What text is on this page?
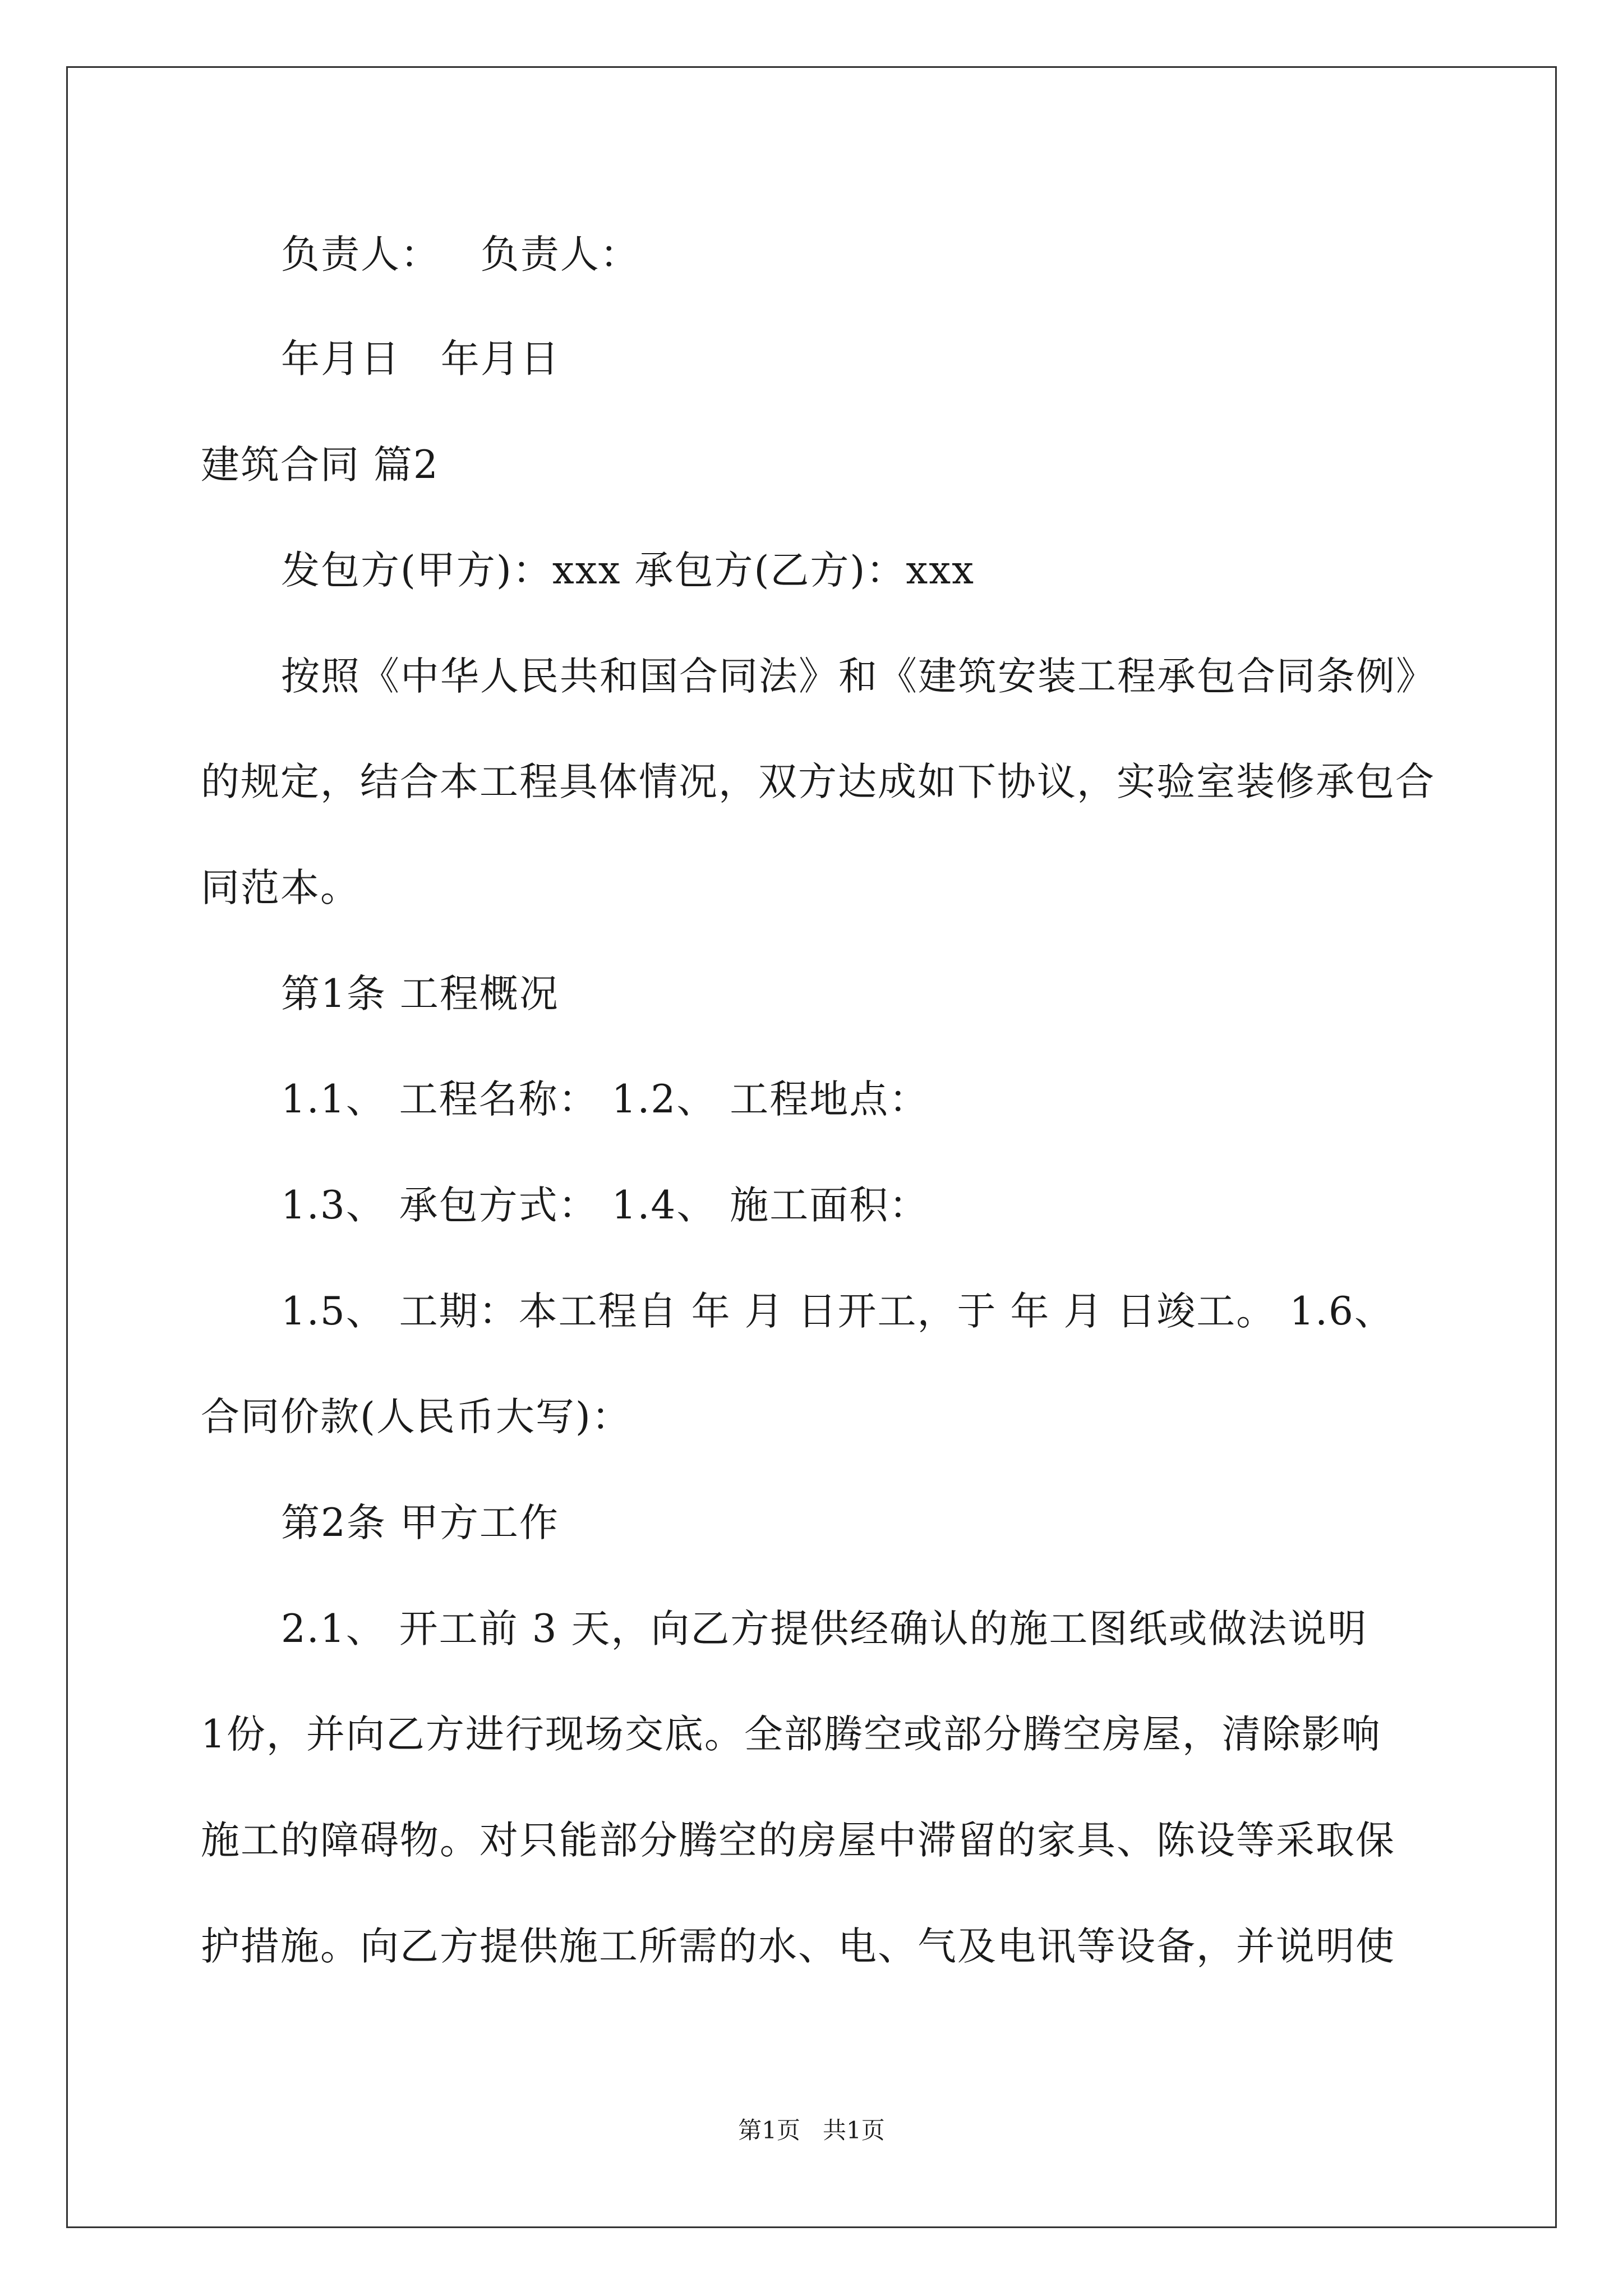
负责人：   负责人：
年月日   年月日
建筑合同 篇2
发包方(甲方)：xxx 承包方(乙方)：xxx
按照《中华人民共和国合同法》和《建筑安装工程承包合同条例》
的规定，结合本工程具体情况，双方达成如下协议，实验室装修承包合
同范本。
第1条 工程概况
1.1、 工程名称： 1.2、 工程地点：
1.3、 承包方式： 1.4、 施工面积：
1.5、 工期：本工程自 年 月 日开工，于 年 月 日竣工。 1.6、
合同价款(人民币大写)：
第2条 甲方工作
2.1、 开工前 3 天，向乙方提供经确认的施工图纸或做法说明
1份，并向乙方进行现场交底。全部腾空或部分腾空房屋，清除影响
施工的障碍物。对只能部分腾空的房屋中滞留的家具、陈设等采取保
护措施。向乙方提供施工所需的水、电、气及电讯等设备，并说明使
第1页   共1页
